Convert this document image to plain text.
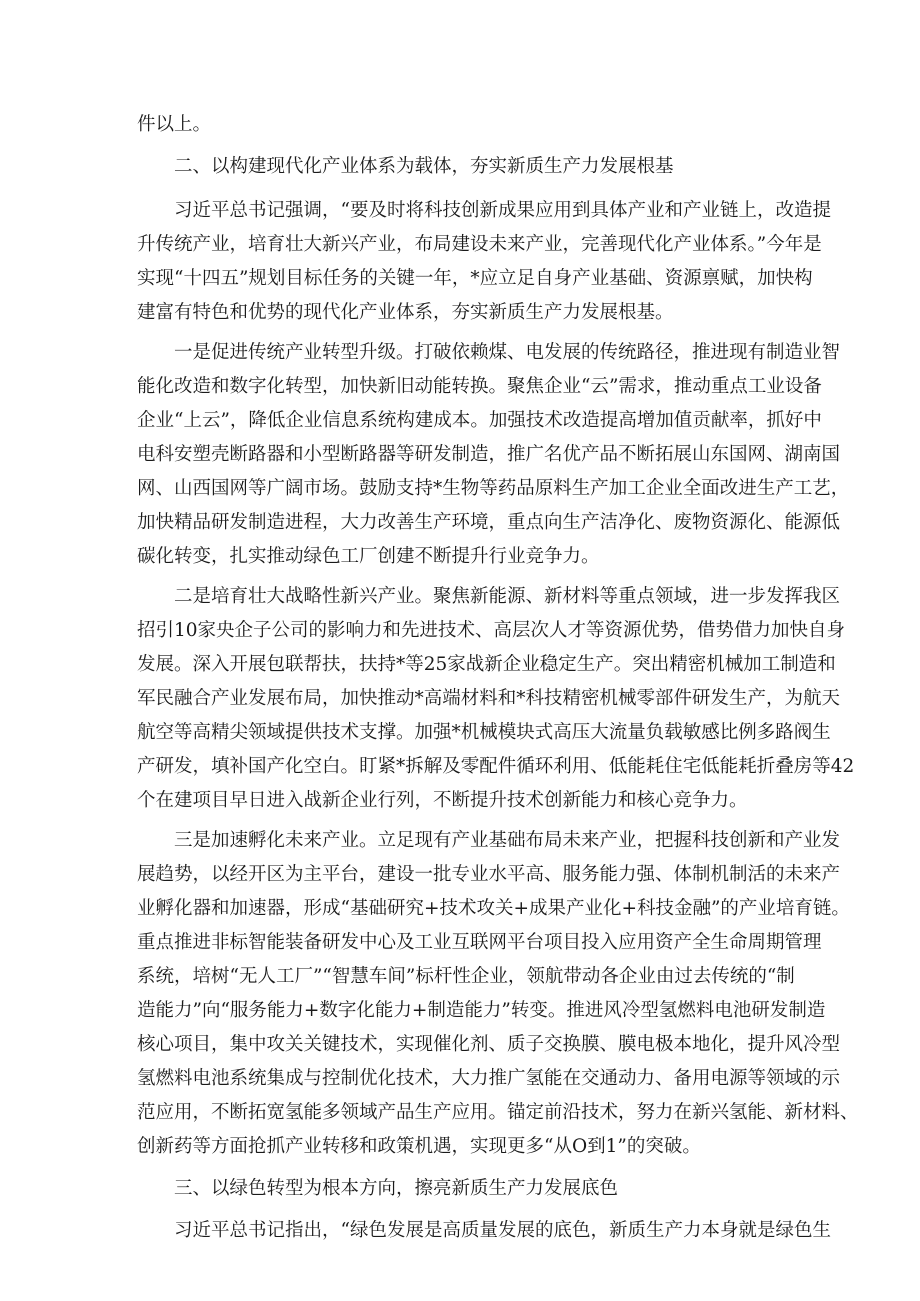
件以上。
二、以构建现代化产业体系为载体，夯实新质生产力发展根基
习近平总书记强调，“要及时将科技创新成果应用到具体产业和产业链上，改造提
升传统产业，培育壮大新兴产业，布局建设未来产业，完善现代化产业体系。”今年是
实现“十四五”规划目标任务的关键一年，*应立足自身产业基础、资源禀赋，加快构
建富有特色和优势的现代化产业体系，夯实新质生产力发展根基。
一是促进传统产业转型升级。打破依赖煤、电发展的传统路径，推进现有制造业智
能化改造和数字化转型，加快新旧动能转换。聚焦企业“云”需求，推动重点工业设备
企业“上云”，降低企业信息系统构建成本。加强技术改造提高增加值贡献率，抓好中
电科安塑壳断路器和小型断路器等研发制造，推广名优产品不断拓展山东国网、湖南国
网、山西国网等广阔市场。鼓励支持*生物等药品原料生产加工企业全面改进生产工艺，
加快精品研发制造进程，大力改善生产环境，重点向生产洁净化、废物资源化、能源低
碳化转变，扎实推动绿色工厂创建不断提升行业竞争力。
二是培育壮大战略性新兴产业。聚焦新能源、新材料等重点领域，进一步发挥我区
招引10家央企子公司的影响力和先进技术、高层次人才等资源优势，借势借力加快自身
发展。深入开展包联帮扶，扶持*等25家战新企业稳定生产。突出精密机械加工制造和
军民融合产业发展布局，加快推动*高端材料和*科技精密机械零部件研发生产，为航天
航空等高精尖领域提供技术支撑。加强*机械模块式高压大流量负载敏感比例多路阀生
产研发，填补国产化空白。盯紧*拆解及零配件循环利用、低能耗住宅低能耗折叠房等42
个在建项目早日进入战新企业行列，不断提升技术创新能力和核心竞争力。
三是加速孵化未来产业。立足现有产业基础布局未来产业，把握科技创新和产业发
展趋势，以经开区为主平台，建设一批专业水平高、服务能力强、体制机制活的未来产
业孵化器和加速器，形成“基础研究+技术攻关+成果产业化+科技金融”的产业培育链。
重点推进非标智能装备研发中心及工业互联网平台项目投入应用资产全生命周期管理
系统，培树“无人工厂”“智慧车间”标杆性企业，领航带动各企业由过去传统的“制
造能力”向“服务能力+数字化能力+制造能力”转变。推进风冷型氢燃料电池研发制造
核心项目，集中攻关关键技术，实现催化剂、质子交换膜、膜电极本地化，提升风冷型
氢燃料电池系统集成与控制优化技术，大力推广氢能在交通动力、备用电源等领域的示
范应用，不断拓宽氢能多领域产品生产应用。锚定前沿技术，努力在新兴氢能、新材料、
创新药等方面抢抓产业转移和政策机遇，实现更多“从O到1”的突破。
三、以绿色转型为根本方向，擦亮新质生产力发展底色
习近平总书记指出，“绿色发展是高质量发展的底色，新质生产力本身就是绿色生
